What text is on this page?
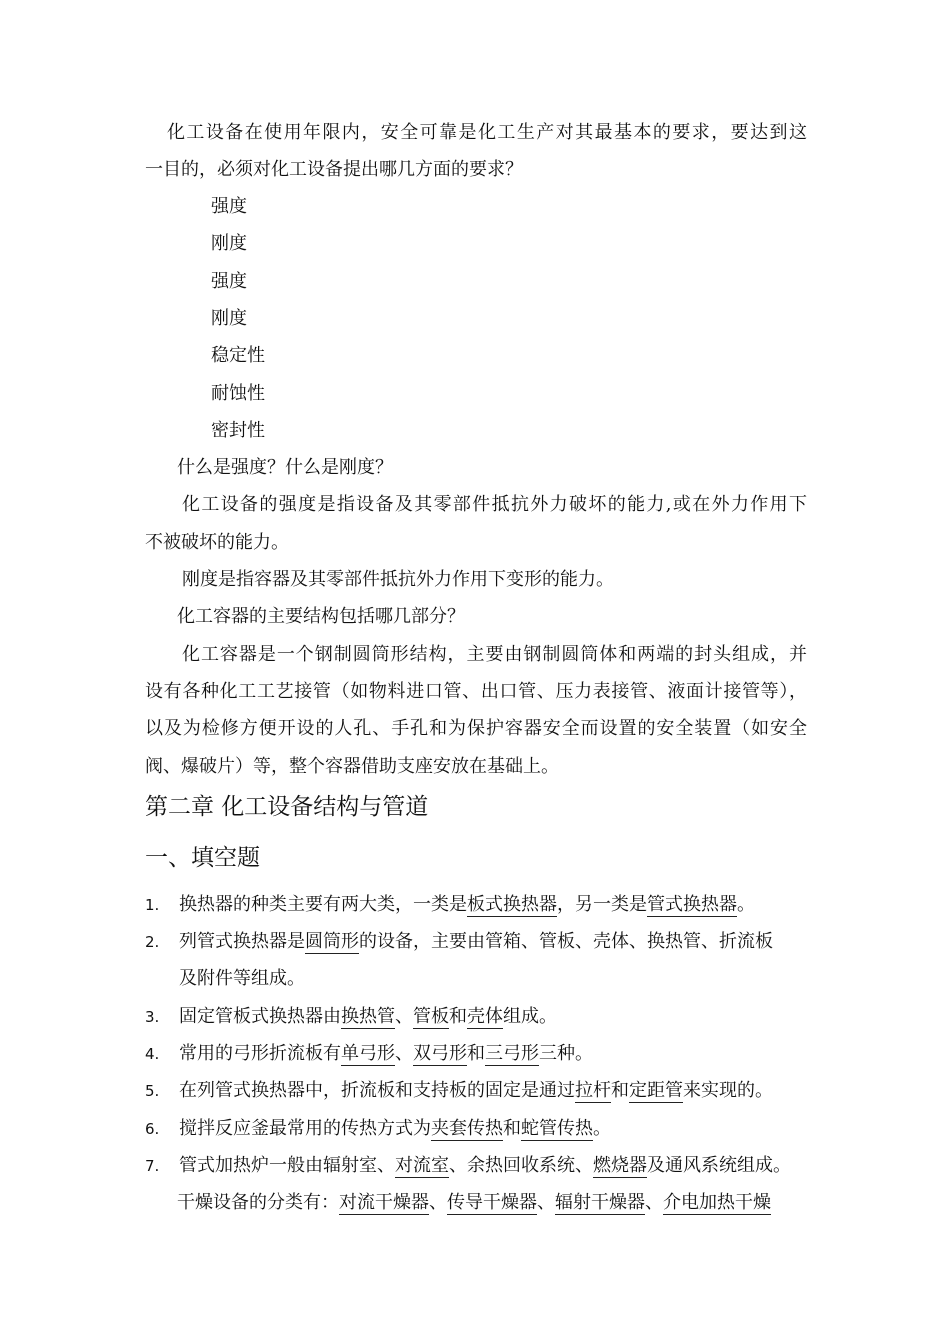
化工设备在使用年限内，安全可靠是化工生产对其最基本的要求，要达到这
一目的，必须对化工设备提出哪几方面的要求？
强度
刚度
强度
刚度
稳定性
耐蚀性
密封性
什么是强度？什么是刚度？
化工设备的强度是指设备及其零部件抵抗外力破坏的能力,或在外力作用下
不被破坏的能力。
刚度是指容器及其零部件抵抗外力作用下变形的能力。
化工容器的主要结构包括哪几部分？
化工容器是一个钢制圆筒形结构，主要由钢制圆筒体和两端的封头组成，并
设有各种化工工艺接管（如物料进口管、出口管、压力表接管、液面计接管等），
以及为检修方便开设的人孔、手孔和为保护容器安全而设置的安全装置（如安全
阀、爆破片）等，整个容器借助支座安放在基础上。
第二章 化工设备结构与管道
一、填空题
1. 换热器的种类主要有两大类，一类是板式换热器，另一类是管式换热器。
2. 列管式换热器是圆筒形的设备，主要由管箱、管板、壳体、换热管、折流板
及附件等组成。
3. 固定管板式换热器由换热管、管板和壳体组成。
4. 常用的弓形折流板有单弓形、双弓形和三弓形三种。
5. 在列管式换热器中，折流板和支持板的固定是通过拉杆和定距管来实现的。
6. 搅拌反应釜最常用的传热方式为夹套传热和蛇管传热。
7. 管式加热炉一般由辐射室、对流室、余热回收系统、燃烧器及通风系统组成。
干燥设备的分类有：对流干燥器、传导干燥器、辐射干燥器、介电加热干燥
